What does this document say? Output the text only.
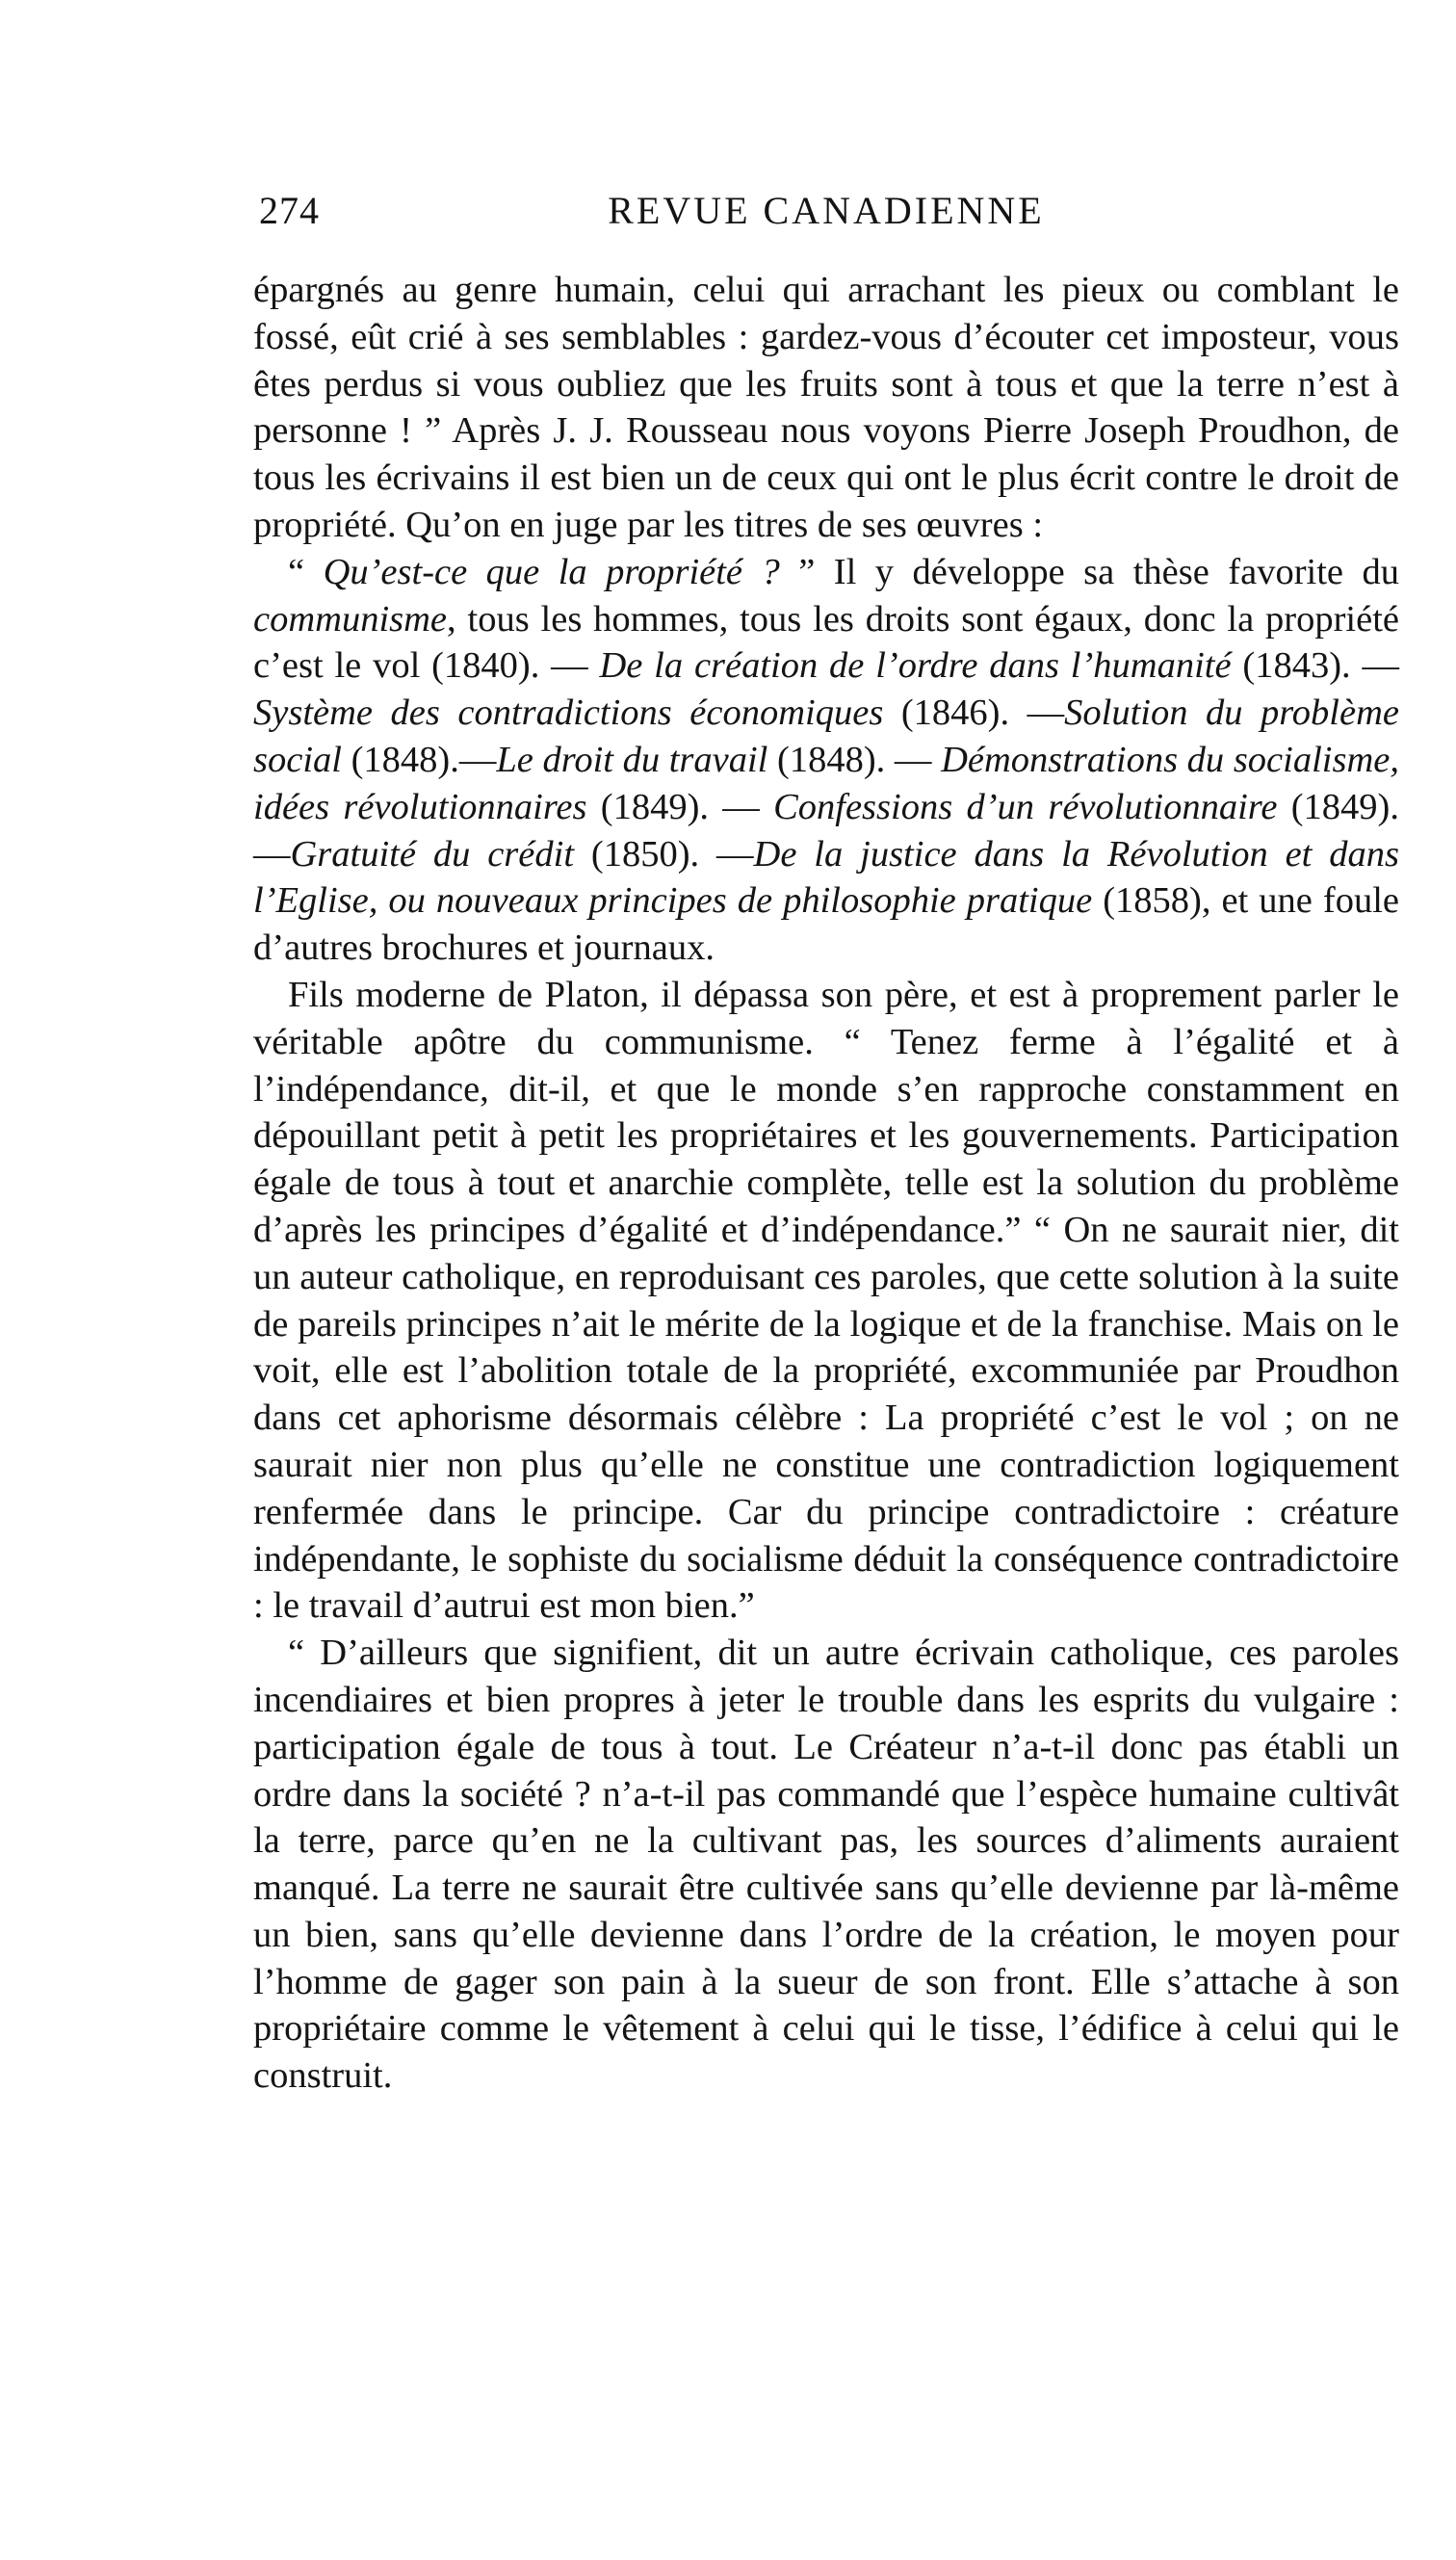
274	REVUE CANADIENNE

épargnés au genre humain, celui qui arrachant les pieux ou comblant le fossé, eût crié à ses semblables : gardez-vous d’écouter cet imposteur, vous êtes perdus si vous oubliez que les fruits sont à tous et que la terre n’est à personne ! ” Après J. J. Rousseau nous voyons Pierre Joseph Proudhon, de tous les écrivains il est bien un de ceux qui ont le plus écrit contre le droit de propriété. Qu’on en juge par les titres de ses œuvres :

“ Qu’est-ce que la propriété ? ” Il y développe sa thèse favorite du communisme, tous les hommes, tous les droits sont égaux, donc la propriété c’est le vol (1840). — De la création de l’ordre dans l’humanité (1843). — Système des contradictions économiques (1846). —Solution du problème social (1848).—Le droit du travail (1848). — Démonstrations du socialisme, idées révolutionnaires (1849). — Confessions d’un révolutionnaire (1849).—Gratuité du crédit (1850). —De la justice dans la Révolution et dans l’Eglise, ou nouveaux principes de philosophie pratique (1858), et une foule d’autres brochures et journaux.

Fils moderne de Platon, il dépassa son père, et est à proprement parler le véritable apôtre du communisme. “ Tenez ferme à l’égalité et à l’indépendance, dit-il, et que le monde s’en rapproche constamment en dépouillant petit à petit les propriétaires et les gouvernements. Participation égale de tous à tout et anarchie complète, telle est la solution du problème d’après les principes d’égalité et d’indépendance.” “ On ne saurait nier, dit un auteur catholique, en reproduisant ces paroles, que cette solution à la suite de pareils principes n’ait le mérite de la logique et de la franchise. Mais on le voit, elle est l’abolition totale de la propriété, excommuniée par Proudhon dans cet aphorisme désormais célèbre : La propriété c’est le vol ; on ne saurait nier non plus qu’elle ne constitue une contradiction logiquement renfermée dans le principe. Car du principe contradictoire : créature indépendante, le sophiste du socialisme déduit la conséquence contradictoire : le travail d’autrui est mon bien.”

“ D’ailleurs que signifient, dit un autre écrivain catholique, ces paroles incendiaires et bien propres à jeter le trouble dans les esprits du vulgaire : participation égale de tous à tout. Le Créateur n’a-t-il donc pas établi un ordre dans la société ? n’a-t-il pas commandé que l’espèce humaine cultivât la terre, parce qu’en ne la cultivant pas, les sources d’aliments auraient manqué. La terre ne saurait être cultivée sans qu’elle devienne par là-même un bien, sans qu’elle devienne dans l’ordre de la création, le moyen pour l’homme de gager son pain à la sueur de son front. Elle s’attache à son propriétaire comme le vêtement à celui qui le tisse, l’édifice à celui qui le construit.
